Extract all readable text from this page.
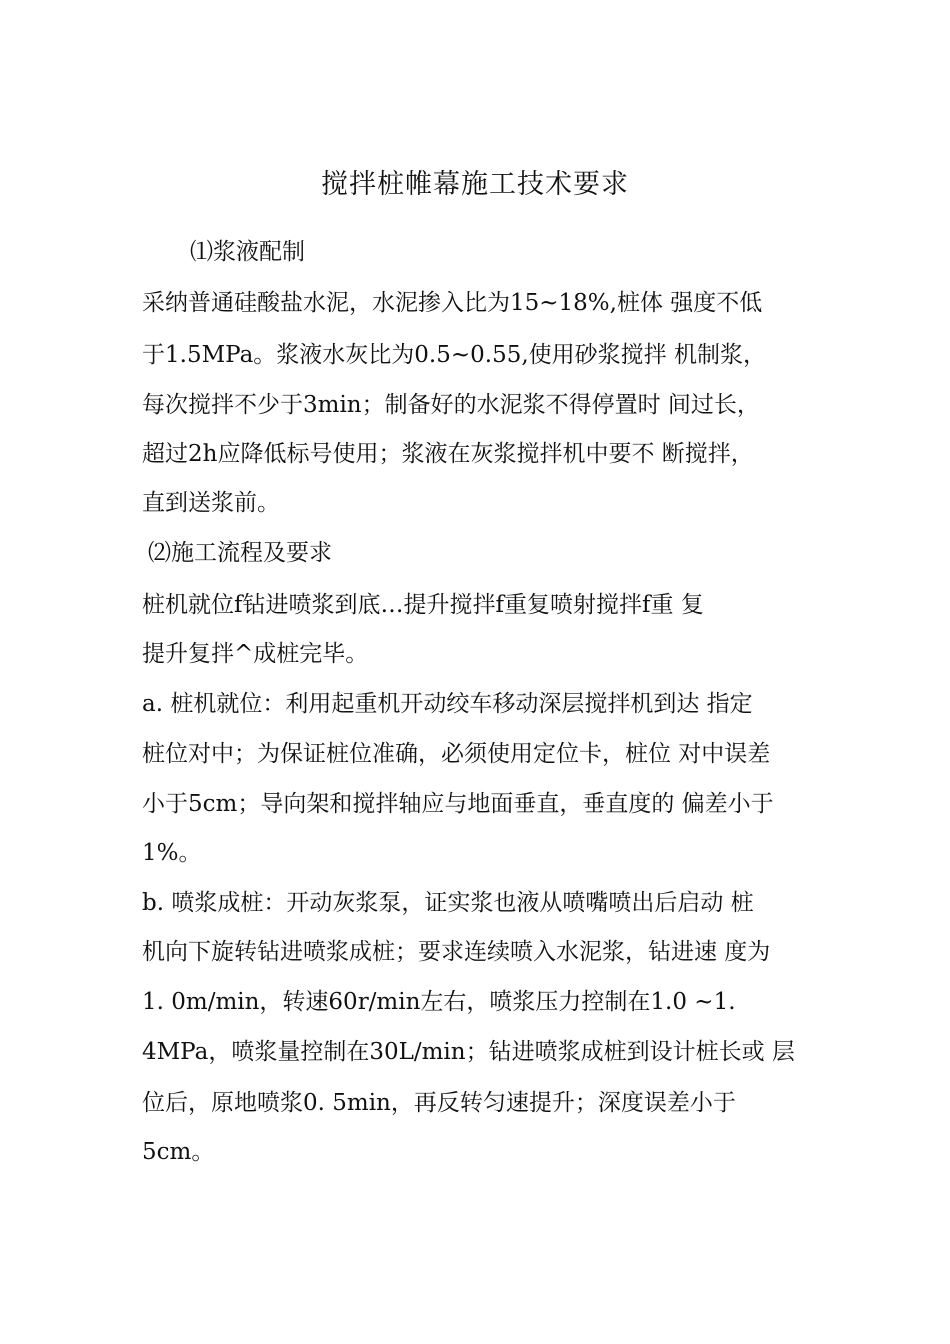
搅拌桩帷幕施工技术要求
⑴浆液配制
采纳普通硅酸盐水泥，水泥掺入比为15~18%,桩体 强度不低
于1.5MPa。浆液水灰比为0.5~0.55,使用砂浆搅拌 机制浆，
每次搅拌不少于3min；制备好的水泥浆不得停置时 间过长，
超过2h应降低标号使用；浆液在灰浆搅拌机中要不 断搅拌，
直到送浆前。
⑵施工流程及要求
桩机就位f钻进喷浆到底…提升搅拌f重复喷射搅拌f重 复
提升复拌^成桩完毕。
a. 桩机就位：利用起重机开动绞车移动深层搅拌机到达 指定
桩位对中；为保证桩位准确，必须使用定位卡，桩位 对中误差
小于5cm；导向架和搅拌轴应与地面垂直，垂直度的 偏差小于
1%。
b. 喷浆成桩：开动灰浆泵，证实浆也液从喷嘴喷出后启动 桩
机向下旋转钻进喷浆成桩；要求连续喷入水泥浆，钻进速 度为
1. 0m/min，转速60r/min左右，喷浆压力控制在1.0 ~1.
4MPa，喷浆量控制在30L/min；钻进喷浆成桩到设计桩长或 层
位后，原地喷浆0. 5min，再反转匀速提升；深度误差小于
5cm。
